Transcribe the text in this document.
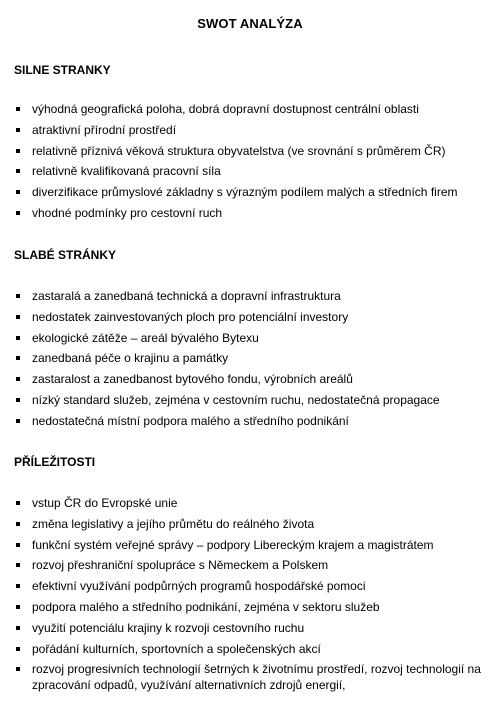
SWOT ANALÝZA
SILNE STRANKY
výhodná geografická poloha, dobrá dopravní dostupnost centrální oblasti
atraktivní přírodní prostředí
relativně příznivá věková struktura obyvatelstva (ve srovnání s průměrem ČR)
relativně kvalifikovaná pracovní síla
diverzifikace průmyslové základny s výrazným podílem malých a středních firem
vhodné podmínky pro cestovní ruch
SLABÉ STRÁNKY
zastaralá a zanedbaná technická a dopravní infrastruktura
nedostatek zainvestovaných ploch pro potenciální investory
ekologické zátěže – areál bývalého Bytexu
zanedbaná péče o krajinu a památky
zastaralost a zanedbanost bytového fondu, výrobních areálů
nízký standard služeb, zejména v cestovním ruchu, nedostatečná propagace
nedostatečná místní podpora malého a středního podnikání
PŘÍLEŽITOSTI
vstup ČR do Evropské unie
změna legislativy a jejího průmětu do reálného života
funkční systém veřejné správy – podpory Libereckým krajem a magistrátem
rozvoj přeshraniční spolupráce s Německem a Polskem
efektivní využívání podpůrných programů hospodářské pomoci
podpora malého a středního podnikání, zejména v sektoru služeb
využití potenciálu krajiny k rozvoji cestovního ruchu
pořádání kulturních, sportovních a společenských akcí
rozvoj progresivních technologií šetrných k životnímu prostředí, rozvoj technologií na zpracování odpadů, využívání alternativních zdrojů energií,
